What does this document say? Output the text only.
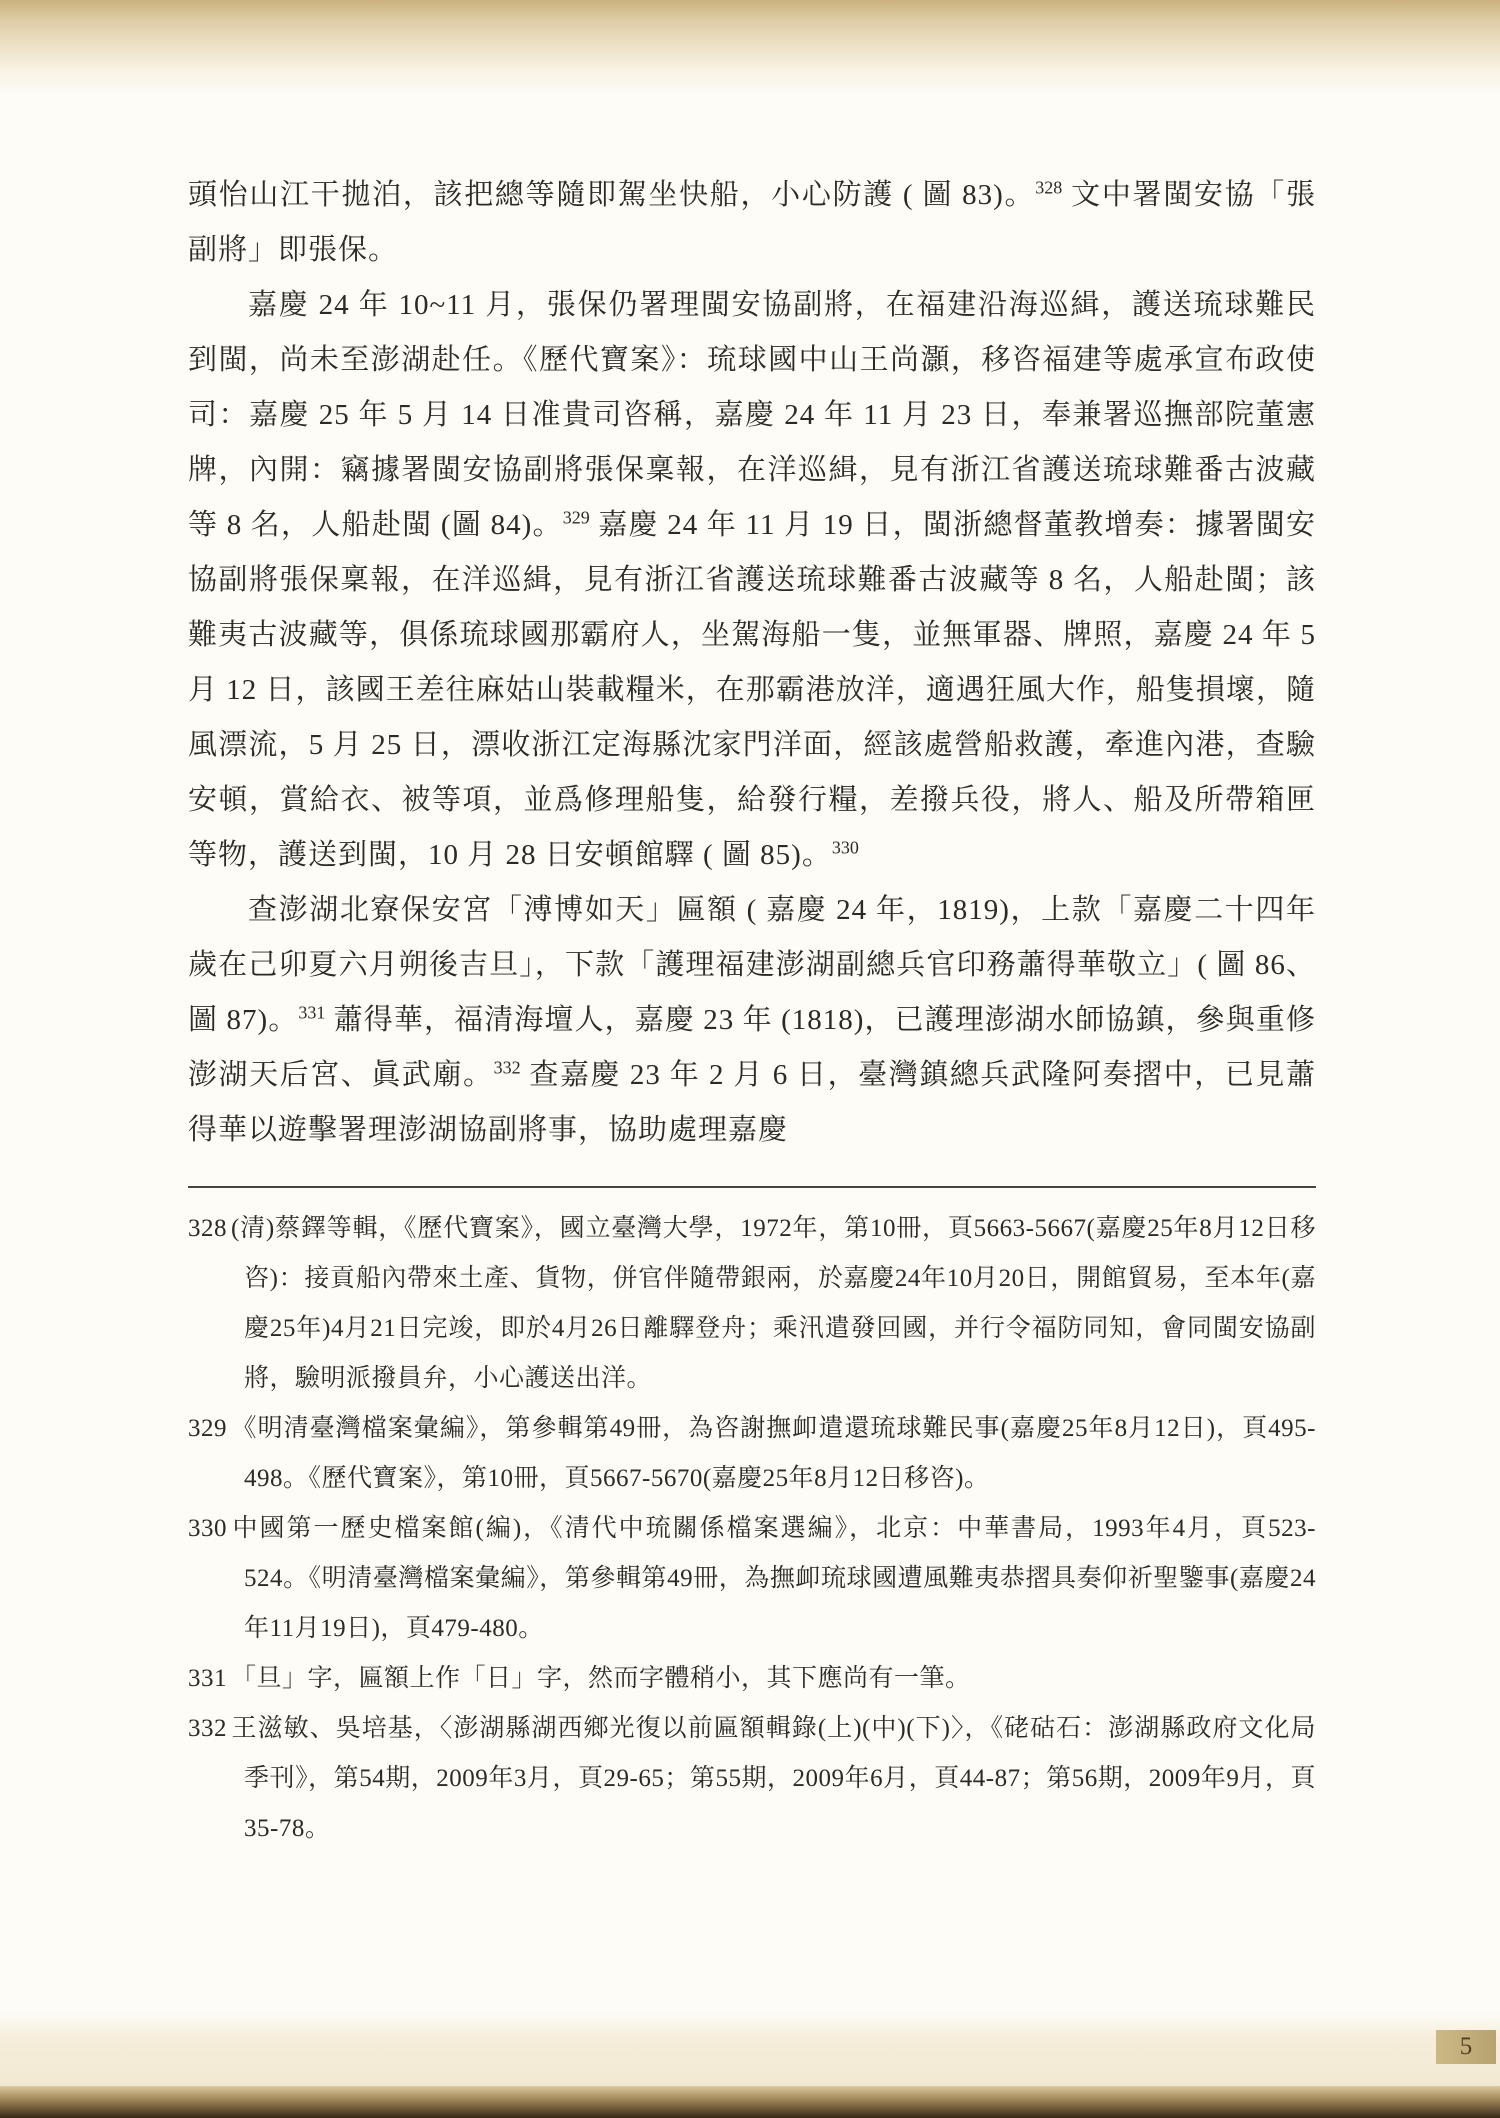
頭怡山江干拋泊，該把總等隨即駕坐快船，小心防護 ( 圖 83)。$^{328}$ 文中署閩安協「張副將」即張保。

嘉慶 24 年 10~11 月，張保仍署理閩安協副將，在福建沿海巡緝，護送琉球難民到閩，尚未至澎湖赴任。《歷代寶案》：琉球國中山王尚灝，移咨福建等處承宣布政使司：嘉慶 25 年 5 月 14 日准貴司咨稱，嘉慶 24 年 11 月 23 日，奉兼署巡撫部院董憲牌，內開：竊據署閩安協副將張保稟報，在洋巡緝，見有浙江省護送琉球難番古波藏等 8 名，人船赴閩 (圖 84)。$^{329}$ 嘉慶 24 年 11 月 19 日，閩浙總督董教增奏：據署閩安協副將張保稟報，在洋巡緝，見有浙江省護送琉球難番古波藏等 8 名，人船赴閩；該難夷古波藏等，俱係琉球國那霸府人，坐駕海船一隻，並無軍器、牌照，嘉慶 24 年 5 月 12 日，該國王差往麻姑山裝載糧米，在那霸港放洋，適遇狂風大作，船隻損壞，隨風漂流，5 月 25 日，漂收浙江定海縣沈家門洋面，經該處營船救護，牽進內港，查驗安頓，賞給衣、被等項，並爲修理船隻，給發行糧，差撥兵役，將人、船及所帶箱匣等物，護送到閩，10 月 28 日安頓館驛 ( 圖 85)。$^{330}$

查澎湖北寮保安宮「溥博如天」匾額 ( 嘉慶 24 年，1819)，上款「嘉慶二十四年歲在己卯夏六月朔後吉旦」，下款「護理福建澎湖副總兵官印務蕭得華敬立」( 圖 86、圖 87)。$^{331}$ 蕭得華，福清海壇人，嘉慶 23 年 (1818)，已護理澎湖水師協鎮，參與重修澎湖天后宮、眞武廟。$^{332}$ 查嘉慶 23 年 2 月 6 日，臺灣鎮總兵武隆阿奏摺中，已見蕭得華以遊擊署理澎湖協副將事，協助處理嘉慶

328 (清)蔡鐸等輯，《歷代寶案》，國立臺灣大學，1972年，第10冊，頁5663-5667(嘉慶25年8月12日移咨)：接貢船內帶來土產、貨物，併官伴隨帶銀兩，於嘉慶24年10月20日，開館貿易，至本年(嘉慶25年)4月21日完竣，即於4月26日離驛登舟；乘汛遣發回國，并行令福防同知，會同閩安協副將，驗明派撥員弁，小心護送出洋。
329 《明清臺灣檔案彙編》，第參輯第49冊，為咨謝撫卹遣還琉球難民事(嘉慶25年8月12日)，頁495-498。《歷代寶案》，第10冊，頁5667-5670(嘉慶25年8月12日移咨)。
330 中國第一歷史檔案館(編)，《清代中琉關係檔案選編》，北京：中華書局，1993年4月，頁523-524。《明清臺灣檔案彙編》，第參輯第49冊，為撫卹琉球國遭風難夷恭摺具奏仰祈聖鑒事(嘉慶24年11月19日)，頁479-480。
331 「旦」字，匾額上作「日」字，然而字體稍小，其下應尚有一筆。
332 王滋敏、吳培基，〈澎湖縣湖西鄉光復以前匾額輯錄(上)(中)(下)〉，《硓𥑮石：澎湖縣政府文化局季刊》，第54期，2009年3月，頁29-65；第55期，2009年6月，頁44-87；第56期，2009年9月，頁35-78。
5
